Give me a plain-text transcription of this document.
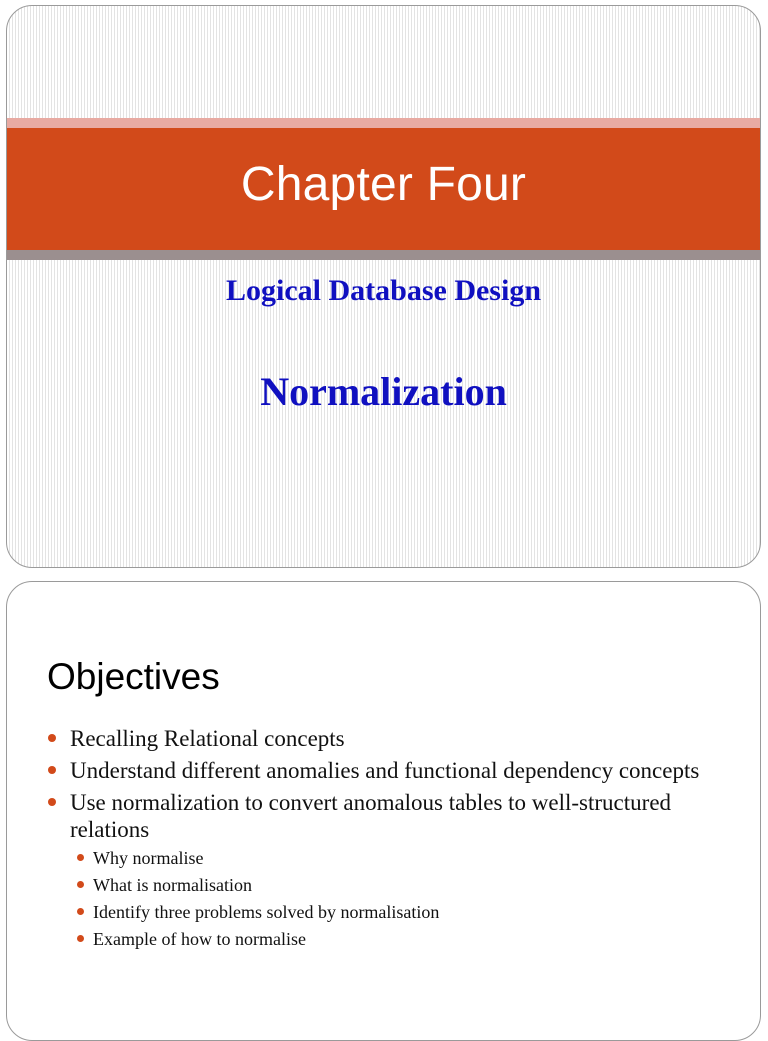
Chapter Four
Logical Database Design
Normalization
Objectives
Recalling Relational concepts
Understand different anomalies and functional dependency concepts
Use normalization to convert anomalous tables to well-structured relations
Why normalise
What is normalisation
Identify three problems solved by normalisation
Example of how to normalise
